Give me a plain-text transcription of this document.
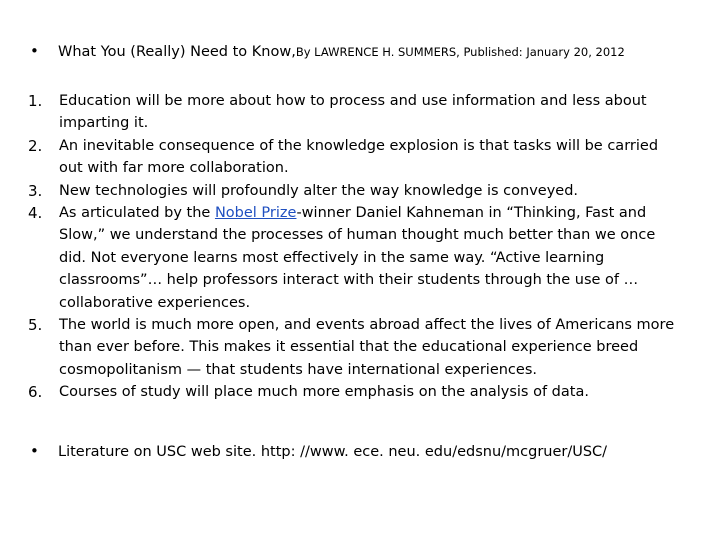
•	What You (Really) Need to Know, By LAWRENCE H. SUMMERS, Published: January 20, 2012
1. Education will be more about how to process and use information and less about imparting it.
2. An inevitable consequence of the knowledge explosion is that tasks will be carried out with far more collaboration.
3. New technologies will profoundly alter the way knowledge is conveyed.
4. As articulated by the Nobel Prize-winner Daniel Kahneman in “Thinking, Fast and Slow,” we understand the processes of human thought much better than we once did. Not everyone learns most effectively in the same way. “Active learning classrooms”… help professors interact with their students through the use of … collaborative experiences.
5. The world is much more open, and events abroad affect the lives of Americans more than ever before. This makes it essential that the educational experience breed cosmopolitanism — that students have international experiences.
6. Courses of study will place much more emphasis on the analysis of data.
•	Literature on USC web site. http: //www. ece. neu. edu/edsnu/mcgruer/USC/
